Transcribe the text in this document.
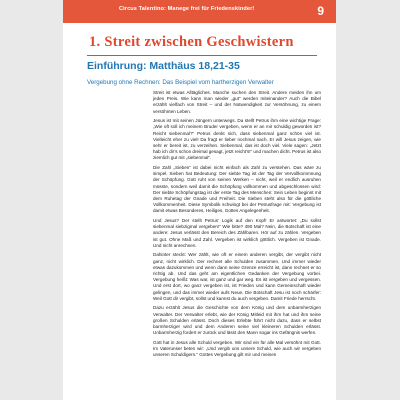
Circus Talentino: Manege frei für Friedenskinder!	9
1. Streit zwischen Geschwistern
Einführung: Matthäus 18,21-35
Vergebung ohne Rechnen: Das Beispiel vom hartherzigen Verwalter

Streit ist etwas Alltägliches. Manche suchen den Streit. Andere meiden ihn um jeden Preis. Wie kann man wieder „gut“ werden miteinander? Auch die Bibel erzählt vielfach von Streit – und der Notwendigkeit zur Versöhnung, zu einem versöhnten Leben.

Jesus ist mit seinen Jüngern unterwegs. Da stellt Petrus ihm eine wichtige Frage: „Wie oft soll ich meinem Bruder vergeben, wenn er an mir schuldig geworden ist? Reicht siebenmal?“ Petrus denkt sich, dass siebenmal ganz schön viel ist. Vielleicht eher zu viel! Da fragt er lieber nochmal nach. Er will Jesus zeigen, wie sehr er bereit ist, zu verzeihen. Siebenmal, das ist doch viel. Viele sagen: „Jetzt hab ich dir’s schon dreimal gesagt, jetzt reicht’s!“ und machen dicht. Petrus ist also ziemlich gut mit „siebenmal“.

Die Zahl „Sieben“ ist dabei nicht einfach als Zahl zu verstehen. Das wäre zu simpel. Sieben hat Bedeutung: Der siebte Tag ist der Tag der Vervollkommnung der Schöpfung. Gott ruht von seinen Werken – nicht, weil er endlich ausruhen müsste, sondern weil damit die Schöpfung vollkommen und abgeschlossen wird: Der siebte Schöpfungstag ist der erste Tag des Menschen: Sein Leben beginnt mit dem Ruhetag der Gnade und Freiheit. Die Sieben steht also für die göttliche Vollkommenheit. Diese Symbolik schwingt bei der Petrusfrage mit: Vergebung ist damit etwas Besonderes, Heiliges, Gottes Angelegenheit.

Und Jesus? Der stellt Petrus’ Logik auf den Kopf! Er antwortet: „Du sollst siebenmal siebzigmal vergeben!“ Wie bitte? 490 Mal? Nein, die Botschaft ist eine andere: Jesus verlässt den Bereich des Zählbaren. Hör auf zu zählen. Vergeben ist gut. Ohne Maß und Zahl. Vergeben ist wirklich göttlich. Vergeben ist Gnade. Und nicht anrechnen.

Dahinter steckt: Wer zählt, wie oft er einem anderen vergibt, der vergibt nicht ganz, nicht wirklich. Der rechnet alle Schulden zusammen. Und immer wieder etwas dazukommen und wenn dann seine Grenze erreicht ist, dann rechnet er so richtig ab. Und das geht am eigentlichen Gedanken der Vergebung vorbei. Vergebung heißt: Was war, ist ganz und gar weg. Es ist vergeben und vergessen. Und erst dort, wo ganz vergeben ist, ist Frieden und kann Gemeinschaft wieder gelingen, und das immer wieder aufs Neue. Die Botschaft Jesu ist noch schärfer: Weil Gott dir vergibt, sollst und kannst du auch vergeben. Damit Friede herrscht.

Dazu erzählt Jesus die Geschichte von dem König und dem unbarmherzigen Verwalter. Der Verwalter erlebt, wie der König Mitleid mit ihm hat und ihm seine großen Schulden erlässt. Doch dieses Erlebte führt nicht dazu, dass er selbst barmherziger wird und dem Anderen seine viel kleineren Schulden erlässt. Unbarmherzig fordert er zurück und lässt den Mann sogar ins Gefängnis werfen.

Gott hat in Jesus alle Schuld vergeben. Wir sind ein für alle Mal versöhnt mit Gott. Im Vaterunser beten wir: „Und vergib uns unsere Schuld, wie auch wir vergeben unseren Schuldigern.“ Gottes Vergebung gilt mir und meinen
